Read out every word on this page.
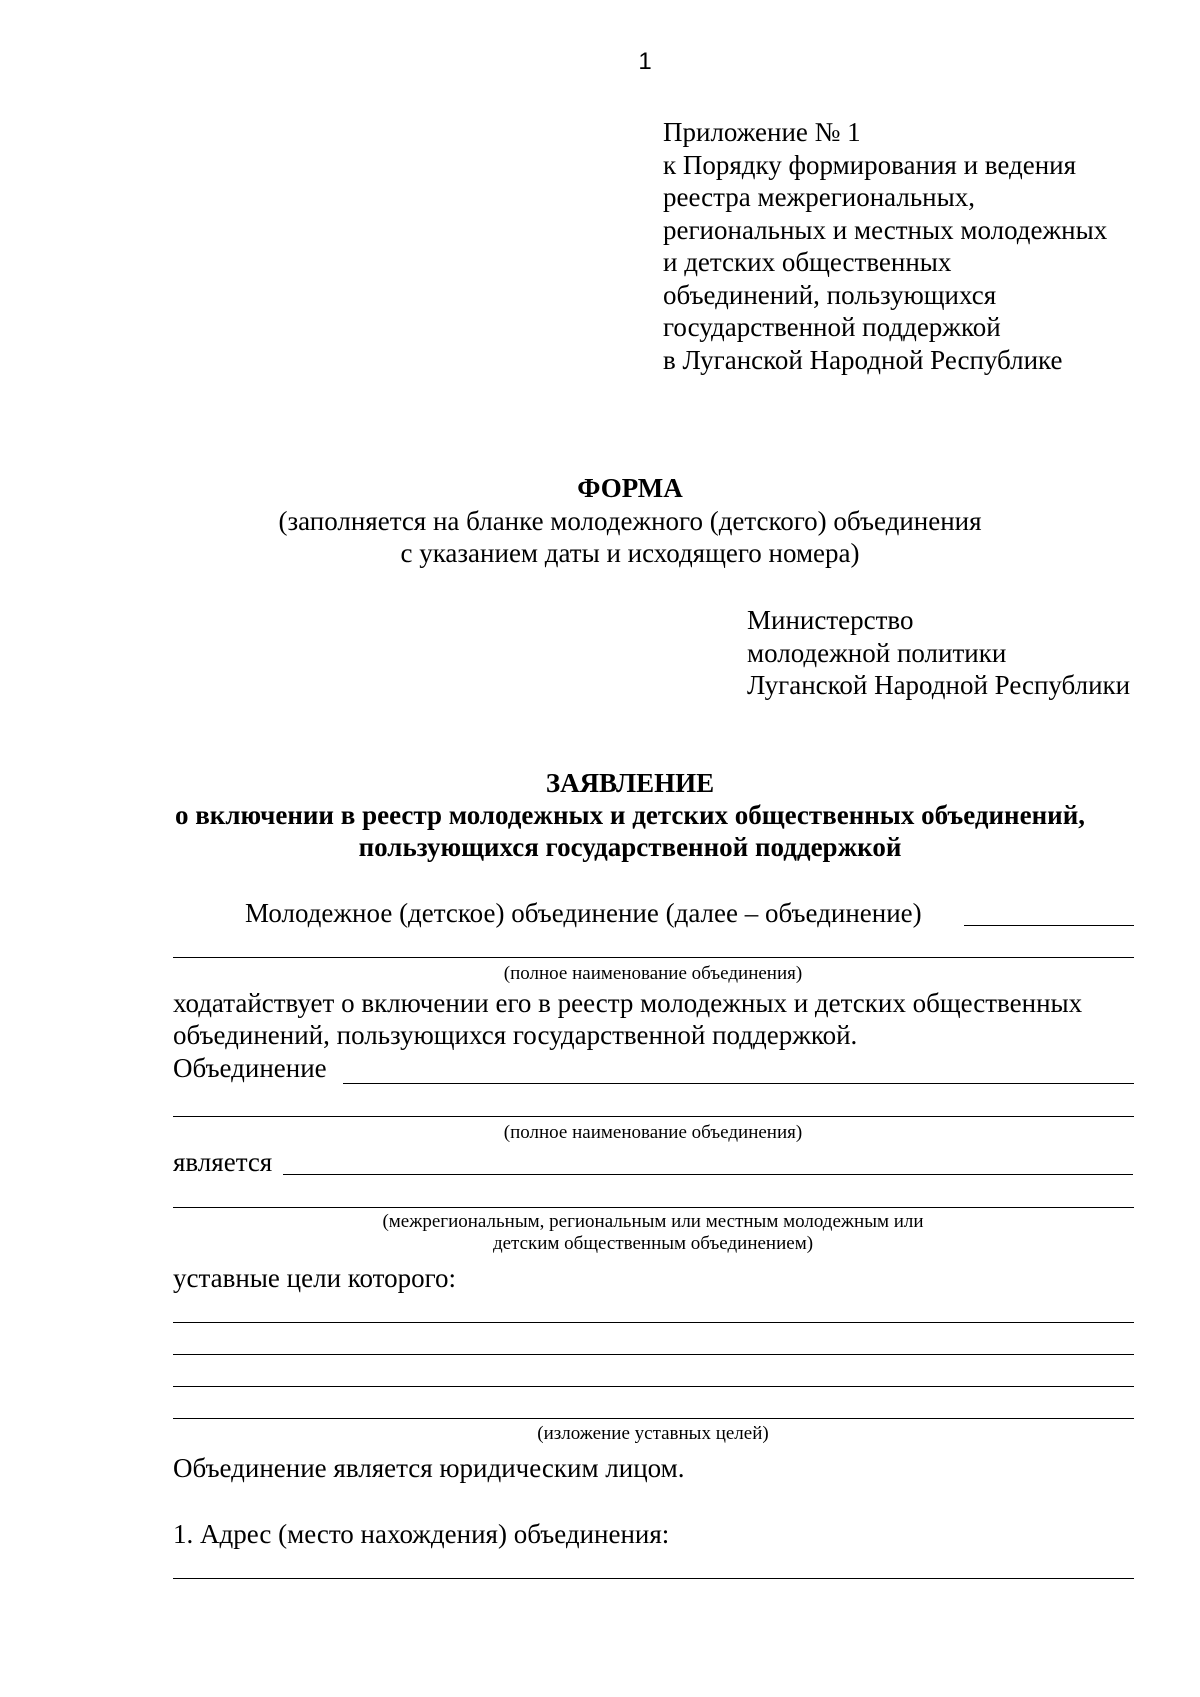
1
Приложение № 1
к Порядку формирования и ведения
реестра межрегиональных,
региональных и местных молодежных
и детских общественных
объединений, пользующихся
государственной поддержкой
в Луганской Народной Республике
ФОРМА
(заполняется на бланке молодежного (детского) объединения
с указанием даты и исходящего номера)
Министерство
молодежной политики
Луганской Народной Республики
ЗАЯВЛЕНИЕ
о включении в реестр молодежных и детских общественных объединений,
пользующихся государственной поддержкой
Молодежное (детское) объединение (далее – объединение)
(полное наименование объединения)
ходатайствует о включении его в реестр молодежных и детских общественных
объединений, пользующихся государственной поддержкой.
Объединение
(полное наименование объединения)
является
(межрегиональным, региональным или местным молодежным или
детским общественным объединением)
уставные цели которого:
(изложение уставных целей)
Объединение является юридическим лицом.
1. Адрес (место нахождения) объединения:
